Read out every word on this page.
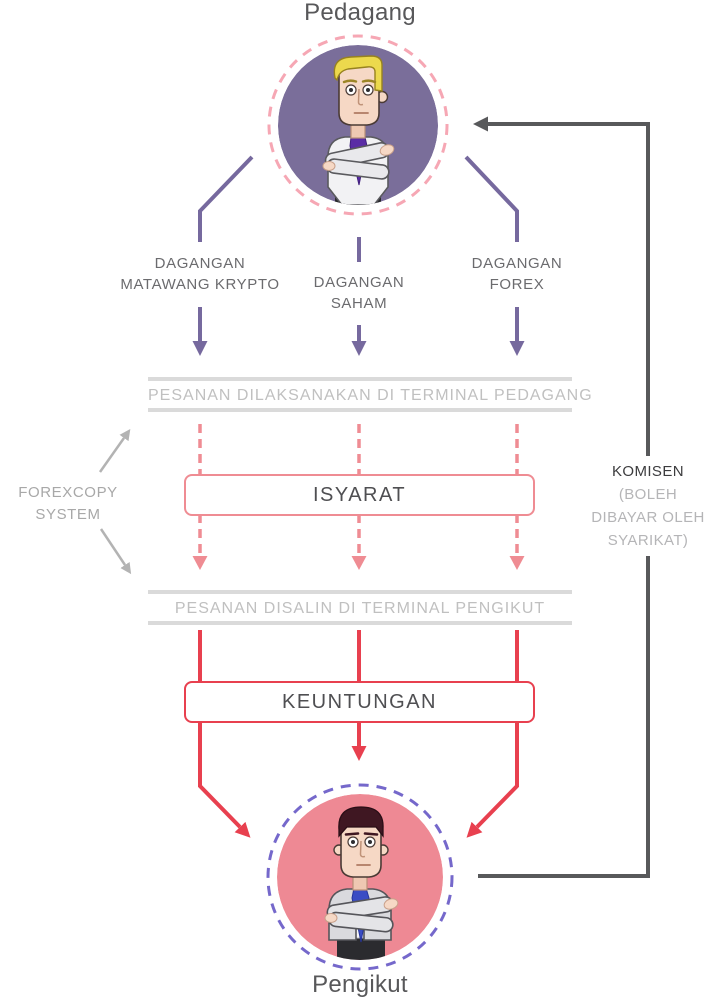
Pedagang
DAGANGAN
MATAWANG KRYPTO	DAGANGAN
SAHAM
DAGANGAN
FOREX
PESANAN DILAKSANAKAN DI TERMINAL PEDAGANG
PESANAN DISALIN DI TERMINAL PENGIKUT
FOREXCOPY
SYSTEM
ISYARAT
KOMISEN
(BOLEH
DIBAYAR OLEH
SYARIKAT)
KEUNTUNGAN
Pengikut
